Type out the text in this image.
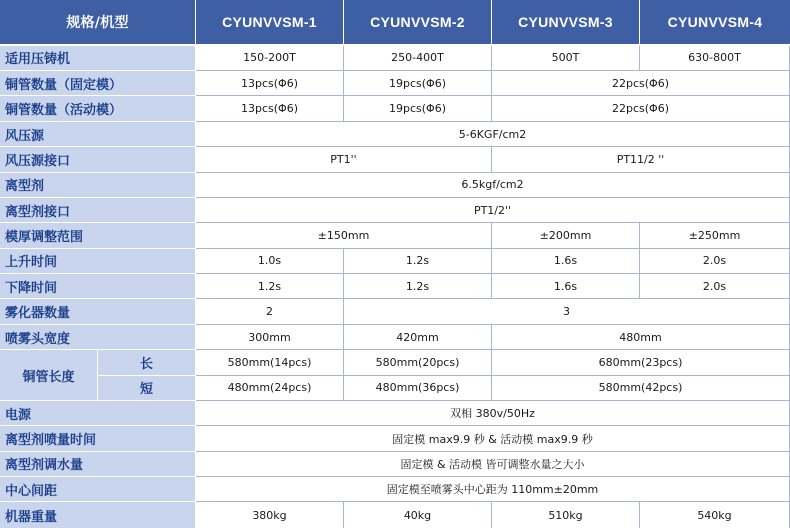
规格/机型		CYUNVVSM-1	CYUNVVSM-2	CYUNVVSM-3	CYUNVVSM-4
适用压铸机		150-200T	250-400T	500T	630-800T
铜管数量（固定模）		13pcs(Φ6)	19pcs(Φ6)	22pcs(Φ6)	
铜管数量（活动模）		13pcs(Φ6)	19pcs(Φ6)	22pcs(Φ6)	
风压源		5-6KGF/cm2			
风压源接口		PT1''		PT11/2 ''	
离型剂		6.5kgf/cm2			
离型剂接口		PT1/2''			
模厚调整范围		±150mm		±200mm	±250mm
上升时间		1.0s	1.2s	1.6s	2.0s
下降时间		1.2s	1.2s	1.6s	2.0s
雾化器数量		2	3		
喷雾头宽度		300mm	420mm	480mm	
铜管长度	长	580mm(14pcs)	580mm(20pcs)	680mm(23pcs)	
	短	480mm(24pcs)	480mm(36pcs)	580mm(42pcs)	
电源		双相 380v/50Hz			
离型剂喷量时间		固定模 max9.9 秒 & 活动模 max9.9 秒			
离型剂调水量		固定模 & 活动模 皆可调整水量之大小			
中心间距		固定模至喷雾头中心距为 110mm±20mm			
机器重量		380kg	40kg	510kg	540kg
